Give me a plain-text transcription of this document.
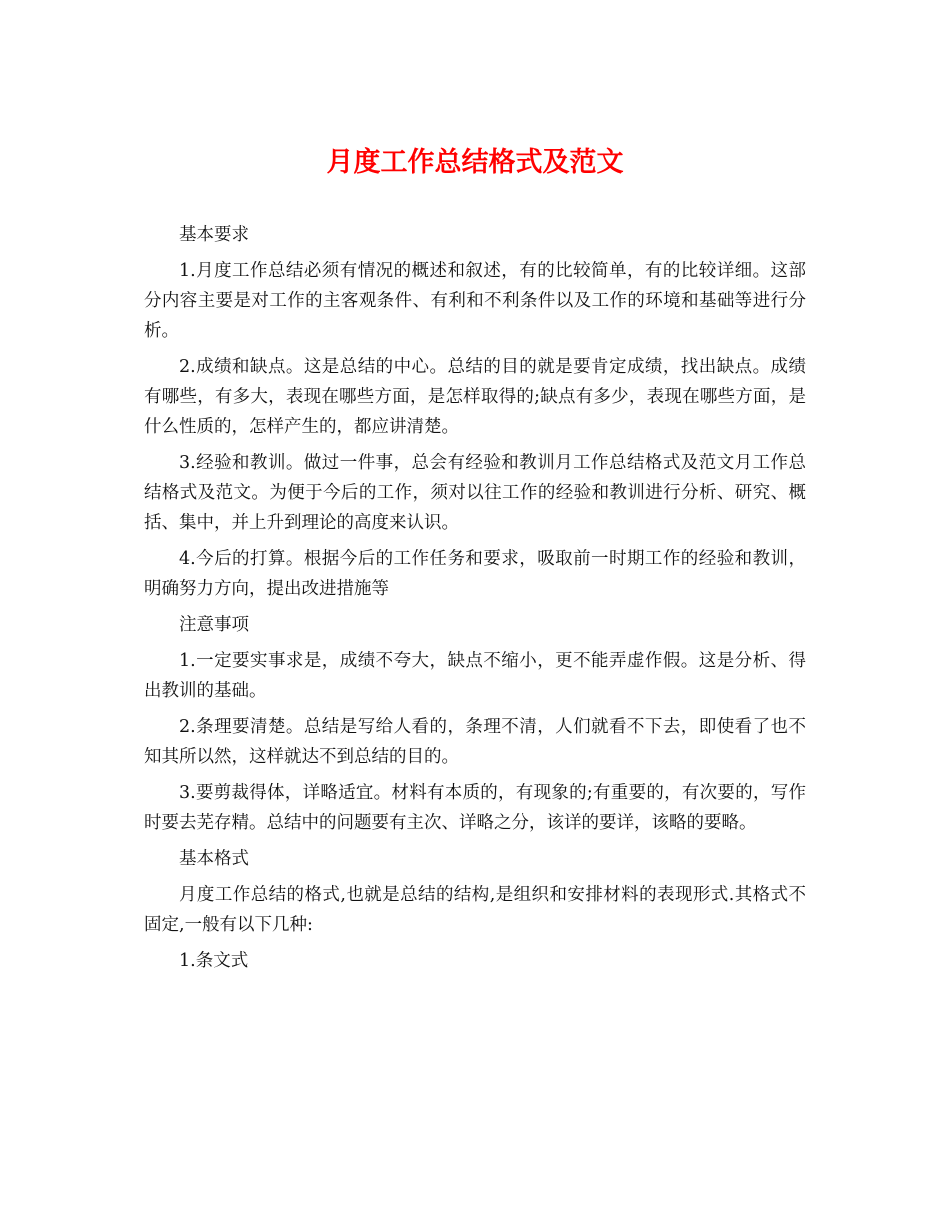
月度工作总结格式及范文

基本要求

1.月度工作总结必须有情况的概述和叙述，有的比较简单，有的比较详细。这部分内容主要是对工作的主客观条件、有利和不利条件以及工作的环境和基础等进行分析。

2.成绩和缺点。这是总结的中心。总结的目的就是要肯定成绩，找出缺点。成绩有哪些，有多大，表现在哪些方面，是怎样取得的;缺点有多少，表现在哪些方面，是什么性质的，怎样产生的，都应讲清楚。

3.经验和教训。做过一件事，总会有经验和教训月工作总结格式及范文月工作总结格式及范文。为便于今后的工作，须对以往工作的经验和教训进行分析、研究、概括、集中，并上升到理论的高度来认识。

4.今后的打算。根据今后的工作任务和要求，吸取前一时期工作的经验和教训，明确努力方向，提出改进措施等

注意事项

1.一定要实事求是，成绩不夸大，缺点不缩小，更不能弄虚作假。这是分析、得出教训的基础。

2.条理要清楚。总结是写给人看的，条理不清，人们就看不下去，即使看了也不知其所以然，这样就达不到总结的目的。

3.要剪裁得体，详略适宜。材料有本质的，有现象的;有重要的，有次要的，写作时要去芜存精。总结中的问题要有主次、详略之分，该详的要详，该略的要略。

基本格式

月度工作总结的格式,也就是总结的结构,是组织和安排材料的表现形式.其格式不固定,一般有以下几种:

1.条文式
